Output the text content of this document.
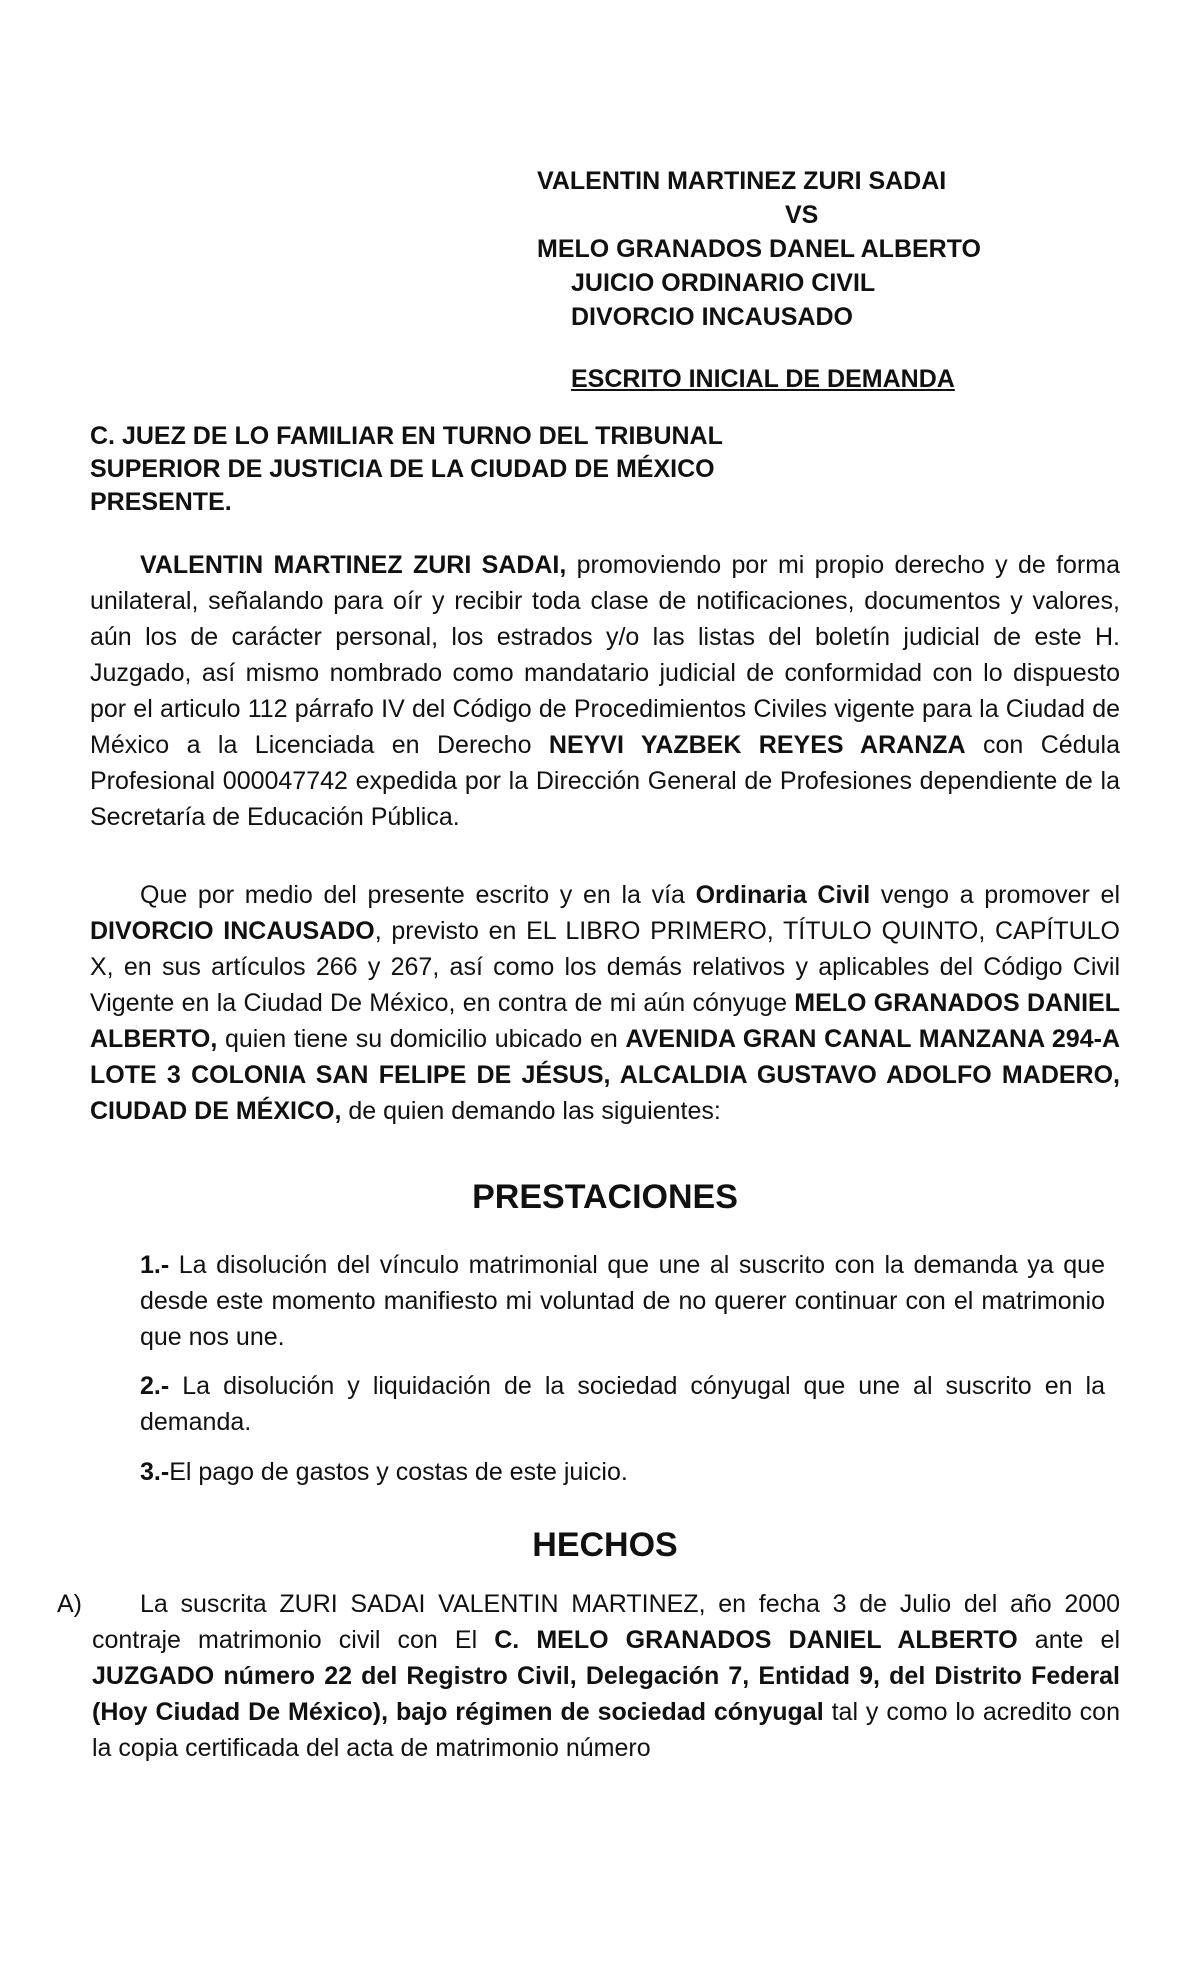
VALENTIN MARTINEZ ZURI SADAI
VS
MELO GRANADOS DANEL ALBERTO
JUICIO ORDINARIO CIVIL
DIVORCIO INCAUSADO
ESCRITO INICIAL DE DEMANDA
C. JUEZ DE LO FAMILIAR EN TURNO DEL TRIBUNAL
SUPERIOR DE JUSTICIA DE LA CIUDAD DE MÉXICO
PRESENTE.
VALENTIN MARTINEZ ZURI SADAI, promoviendo por mi propio derecho y de forma unilateral, señalando para oír y recibir toda clase de notificaciones, documentos y valores, aún los de carácter personal, los estrados y/o las listas del boletín judicial de este H. Juzgado, así mismo nombrado como mandatario judicial de conformidad con lo dispuesto por el articulo 112 párrafo IV del Código de Procedimientos Civiles vigente para la Ciudad de México a la Licenciada en Derecho NEYVI YAZBEK REYES ARANZA con Cédula Profesional 000047742 expedida por la Dirección General de Profesiones dependiente de la Secretaría de Educación Pública.
Que por medio del presente escrito y en la vía Ordinaria Civil vengo a promover el DIVORCIO INCAUSADO, previsto en EL LIBRO PRIMERO, TÍTULO QUINTO, CAPÍTULO X, en sus artículos 266 y 267, así como los demás relativos y aplicables del Código Civil Vigente en la Ciudad De México, en contra de mi aún cónyuge MELO GRANADOS DANIEL ALBERTO, quien tiene su domicilio ubicado en AVENIDA GRAN CANAL MANZANA 294-A LOTE 3 COLONIA SAN FELIPE DE JÉSUS, ALCALDIA GUSTAVO ADOLFO MADERO, CIUDAD DE MÉXICO, de quien demando las siguientes:
PRESTACIONES
1.- La disolución del vínculo matrimonial que une al suscrito con la demanda ya que desde este momento manifiesto mi voluntad de no querer continuar con el matrimonio que nos une.
2.- La disolución y liquidación de la sociedad cónyugal que une al suscrito en la demanda.
3.-El pago de gastos y costas de este juicio.
HECHOS
A)	La suscrita ZURI SADAI VALENTIN MARTINEZ, en fecha 3 de Julio del año 2000 contraje matrimonio civil con El C. MELO GRANADOS DANIEL ALBERTO ante el JUZGADO número 22 del Registro Civil, Delegación 7, Entidad 9, del Distrito Federal (Hoy Ciudad De México), bajo régimen de sociedad cónyugal tal y como lo acredito con la copia certificada del acta de matrimonio número
